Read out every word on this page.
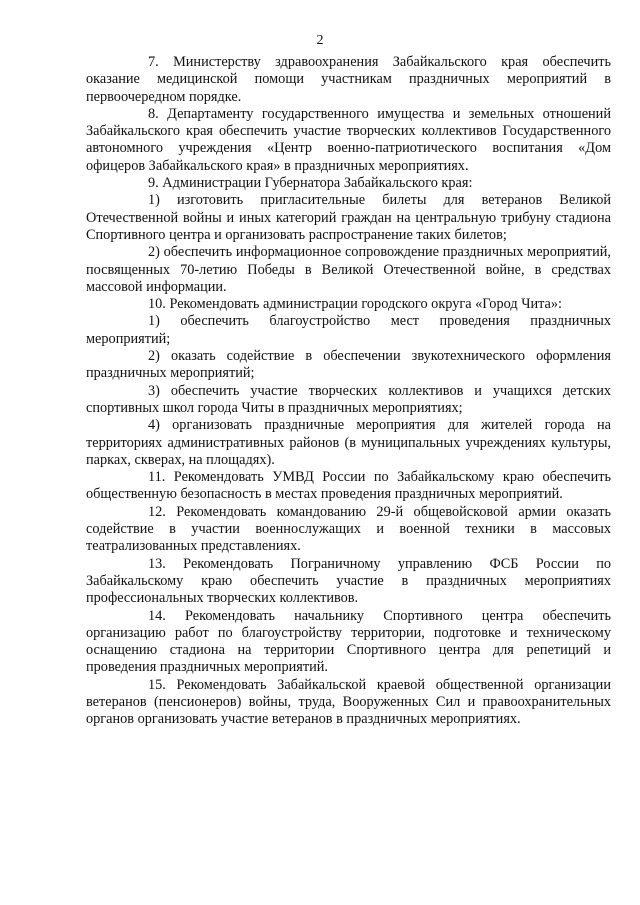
2

7. Министерству здравоохранения Забайкальского края обеспечить оказание медицинской помощи участникам праздничных мероприятий в первоочередном порядке.

8. Департаменту государственного имущества и земельных отношений Забайкальского края обеспечить участие творческих коллективов Государственного автономного учреждения «Центр военно-патриотического воспитания «Дом офицеров Забайкальского края» в праздничных мероприятиях.

9. Администрации Губернатора Забайкальского края:

1) изготовить пригласительные билеты для ветеранов Великой Отечественной войны и иных категорий граждан на центральную трибуну стадиона Спортивного центра и организовать распространение таких билетов;

2) обеспечить информационное сопровождение праздничных мероприятий, посвященных 70-летию Победы в Великой Отечественной войне, в средствах массовой информации.

10. Рекомендовать администрации городского округа «Город Чита»:

1) обеспечить благоустройство мест проведения праздничных мероприятий;

2) оказать содействие в обеспечении звукотехнического оформления праздничных мероприятий;

3) обеспечить участие творческих коллективов и учащихся детских спортивных школ города Читы в праздничных мероприятиях;

4) организовать праздничные мероприятия для жителей города на территориях административных районов (в муниципальных учреждениях культуры, парках, скверах, на площадях).

11. Рекомендовать УМВД России по Забайкальскому краю обеспечить общественную безопасность в местах проведения праздничных мероприятий.

12. Рекомендовать командованию 29-й общевойсковой армии оказать содействие в участии военнослужащих и военной техники в массовых театрализованных представлениях.

13. Рекомендовать Пограничному управлению ФСБ России по Забайкальскому краю обеспечить участие в праздничных мероприятиях профессиональных творческих коллективов.

14. Рекомендовать начальнику Спортивного центра обеспечить организацию работ по благоустройству территории, подготовке и техническому оснащению стадиона на территории Спортивного центра для репетиций и проведения праздничных мероприятий.

15. Рекомендовать Забайкальской краевой общественной организации ветеранов (пенсионеров) войны, труда, Вооруженных Сил и правоохранительных органов организовать участие ветеранов в праздничных мероприятиях.
